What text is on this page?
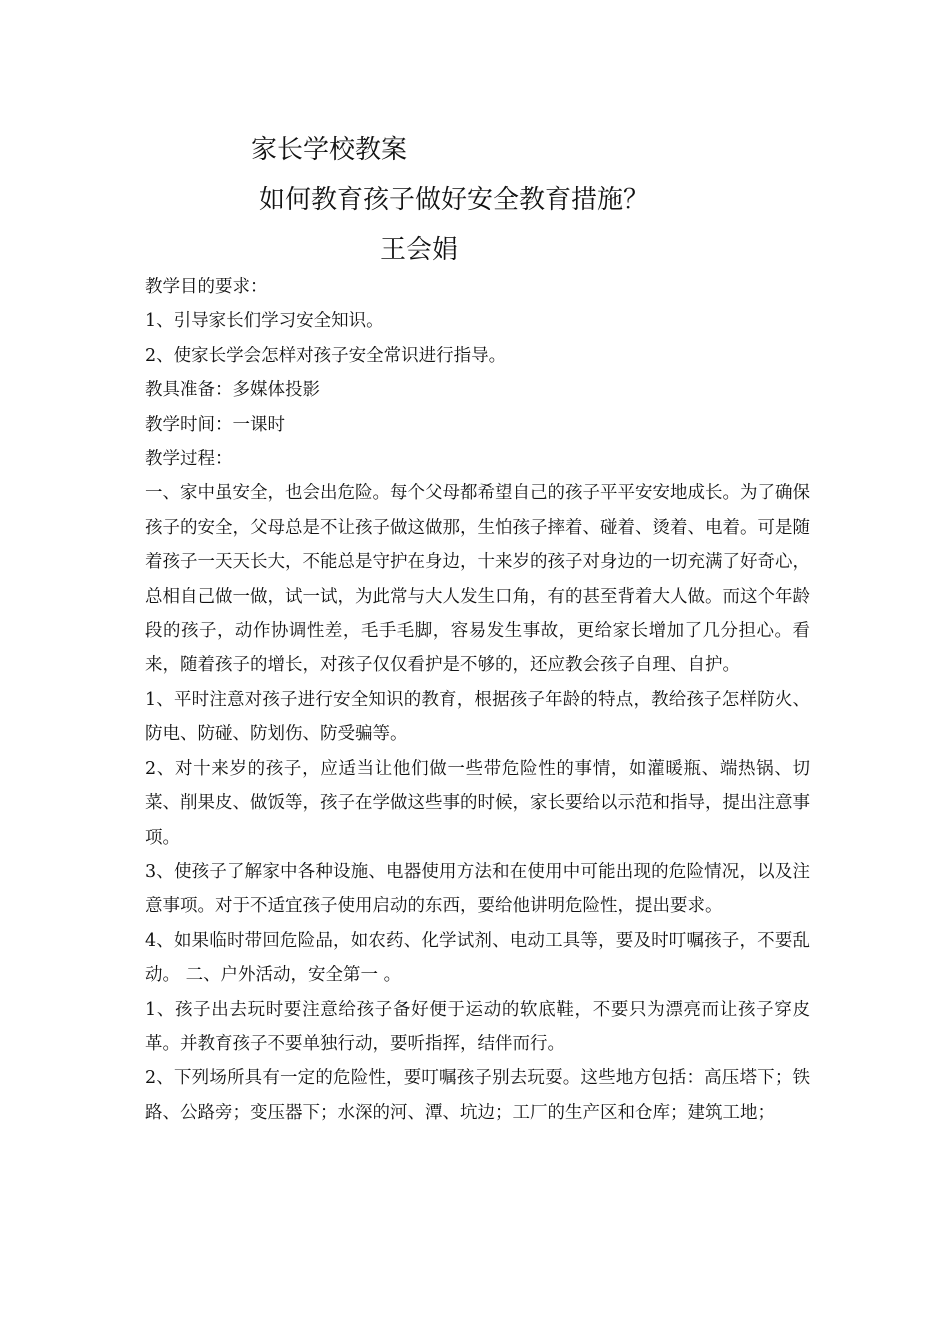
家长学校教案
如何教育孩子做好安全教育措施？
王会娟

教学目的要求：

1、引导家长们学习安全知识。

2、使家长学会怎样对孩子安全常识进行指导。

教具准备：多媒体投影

教学时间：一课时

教学过程：

一、家中虽安全，也会出危险。每个父母都希望自己的孩子平平安安地成长。为了确保孩子的安全，父母总是不让孩子做这做那，生怕孩子摔着、碰着、烫着、电着。可是随着孩子一天天长大，不能总是守护在身边，十来岁的孩子对身边的一切充满了好奇心，总相自己做一做，试一试，为此常与大人发生口角，有的甚至背着大人做。而这个年龄段的孩子，动作协调性差，毛手毛脚，容易发生事故，更给家长增加了几分担心。看来，随着孩子的增长，对孩子仅仅看护是不够的，还应教会孩子自理、自护。

1、平时注意对孩子进行安全知识的教育，根据孩子年龄的特点，教给孩子怎样防火、防电、防碰、防划伤、防受骗等。

2、对十来岁的孩子，应适当让他们做一些带危险性的事情，如灌暖瓶、端热锅、切菜、削果皮、做饭等，孩子在学做这些事的时候，家长要给以示范和指导，提出注意事项。

3、使孩子了解家中各种设施、电器使用方法和在使用中可能出现的危险情况，以及注意事项。对于不适宜孩子使用启动的东西，要给他讲明危险性，提出要求。

4、如果临时带回危险品，如农药、化学试剂、电动工具等，要及时叮嘱孩子，不要乱动。 二、户外活动，安全第一 。

1、孩子出去玩时要注意给孩子备好便于运动的软底鞋，不要只为漂亮而让孩子穿皮革。并教育孩子不要单独行动，要听指挥，结伴而行。

2、下列场所具有一定的危险性，要叮嘱孩子别去玩耍。这些地方包括：高压塔下；铁路、公路旁；变压器下；水深的河、潭、坑边；工厂的生产区和仓库；建筑工地；
